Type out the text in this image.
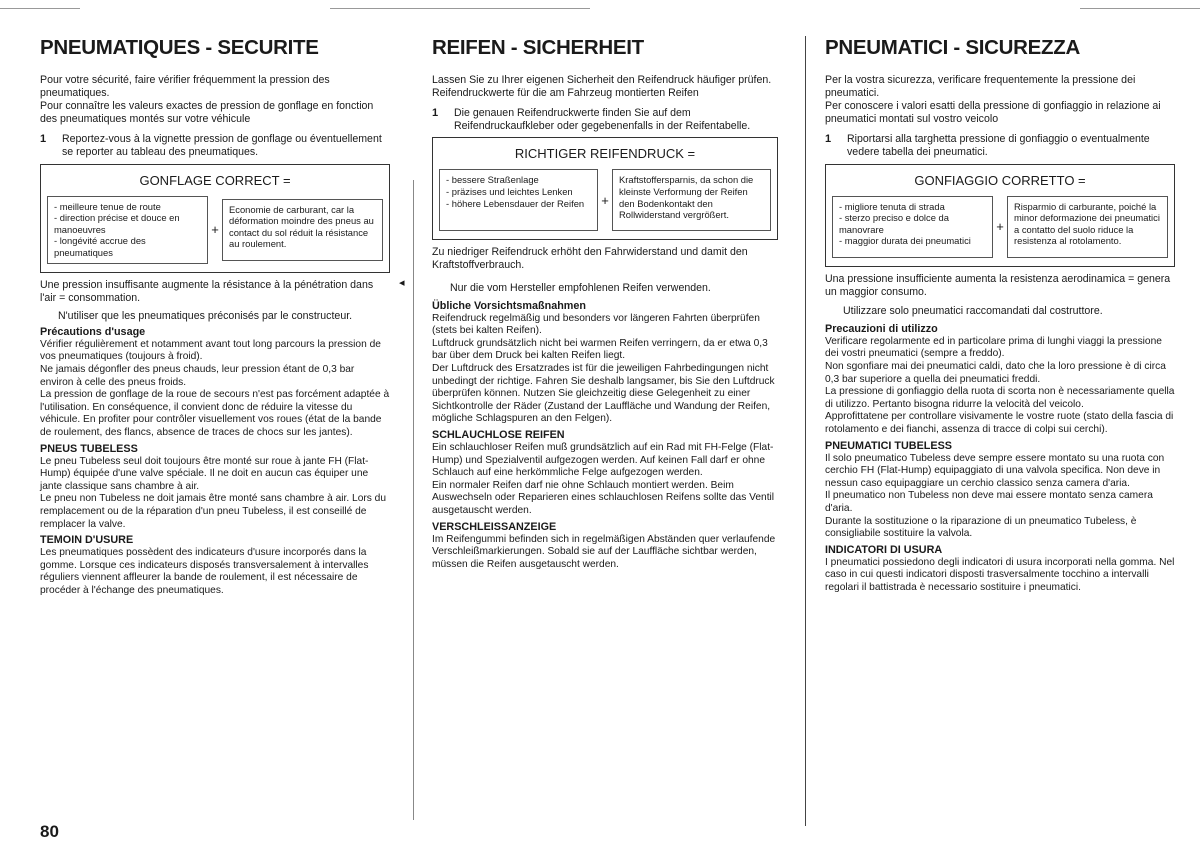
◂
PNEUMATIQUES - SECURITE

Pour votre sécurité, faire vérifier fréquemment la pression des pneumatiques.

Pour connaître les valeurs exactes de pression de gonflage en fonction des pneumatiques montés sur votre véhicule

1	Reportez-vous à la vignette pression de gonflage ou éventuellement se reporter au tableau des pneumatiques.
GONFLAGE CORRECT =
- meilleure tenue de route
- direction précise et douce en manoeuvres
- longévité accrue des pneumatiques
+
Economie de carburant, car la déformation moindre des pneus au contact du sol réduit la résistance au roulement.

Une pression insuffisante augmente la résistance à la pénétration dans l'air = consommation.

N'utiliser que les pneumatiques préconisés par le constructeur.

Précautions d'usage

Vérifier régulièrement et notamment avant tout long parcours la pression de vos pneumatiques (toujours à froid).

Ne jamais dégonfler des pneus chauds, leur pression étant de 0,3 bar environ à celle des pneus froids.

La pression de gonflage de la roue de secours n'est pas forcément adaptée à l'utilisation. En conséquence, il convient donc de réduire la vitesse du véhicule. En profiter pour contrôler visuellement vos roues (état de la bande de roulement, des flancs, absence de traces de chocs sur les jantes).

PNEUS TUBELESS

Le pneu Tubeless seul doit toujours être monté sur roue à jante FH (Flat-Hump) équipée d'une valve spéciale. Il ne doit en aucun cas équiper une jante classique sans chambre à air.

Le pneu non Tubeless ne doit jamais être monté sans chambre à air. Lors du remplacement ou de la réparation d'un pneu Tubeless, il est conseillé de remplacer la valve.

TEMOIN D'USURE

Les pneumatiques possèdent des indicateurs d'usure incorporés dans la gomme. Lorsque ces indicateurs disposés transversalement à intervalles réguliers viennent affleurer la bande de roulement, il est nécessaire de procéder à l'échange des pneumatiques.

REIFEN - SICHERHEIT

Lassen Sie zu Ihrer eigenen Sicherheit den Reifendruck häufiger prüfen.

Reifendruckwerte für die am Fahrzeug montierten Reifen

1	Die genauen Reifendruckwerte finden Sie auf dem Reifendruckaufkleber oder gegebenenfalls in der Reifentabelle.
RICHTIGER REIFENDRUCK =
- bessere Straßenlage
- präzises und leichtes Lenken
- höhere Lebensdauer der Reifen	+
Kraftstoffersparnis, da schon die kleinste Verformung der Reifen den Bodenkontakt den Rollwiderstand vergrößert.

Zu niedriger Reifendruck erhöht den Fahrwiderstand und damit den Kraftstoffverbrauch.

Nur die vom Hersteller empfohlenen Reifen verwenden.

Übliche Vorsichtsmaßnahmen

Reifendruck regelmäßig und besonders vor längeren Fahrten überprüfen (stets bei kalten Reifen).

Luftdruck grundsätzlich nicht bei warmen Reifen verringern, da er etwa 0,3 bar über dem Druck bei kalten Reifen liegt.

Der Luftdruck des Ersatzrades ist für die jeweiligen Fahrbedingungen nicht unbedingt der richtige. Fahren Sie deshalb langsamer, bis Sie den Luftdruck überprüfen können. Nutzen Sie gleichzeitig diese Gelegenheit zu einer Sichtkontrolle der Räder (Zustand der Lauffläche und Wandung der Reifen, mögliche Schlagspuren an den Felgen).

SCHLAUCHLOSE REIFEN

Ein schlauchloser Reifen muß grundsätzlich auf ein Rad mit FH-Felge (Flat-Hump) und Spezialventil aufgezogen werden. Auf keinen Fall darf er ohne Schlauch auf eine herkömmliche Felge aufgezogen werden.

Ein normaler Reifen darf nie ohne Schlauch montiert werden. Beim Auswechseln oder Reparieren eines schlauchlosen Reifens sollte das Ventil ausgetauscht werden.

VERSCHLEISSANZEIGE

Im Reifengummi befinden sich in regelmäßigen Abständen quer verlaufende Verschleißmarkierungen. Sobald sie auf der Lauffläche sichtbar werden, müssen die Reifen ausgetauscht werden.

PNEUMATICI - SICUREZZA

Per la vostra sicurezza, verificare frequentemente la pressione dei pneumatici.

Per conoscere i valori esatti della pressione di gonfiaggio in relazione ai pneumatici montati sul vostro veicolo

1	Riportarsi alla targhetta pressione di gonfiaggio o eventualmente vedere tabella dei pneumatici.
GONFIAGGIO CORRETTO =
- migliore tenuta di strada
- sterzo preciso e dolce da manovrare
- maggior durata dei pneumatici
+
Risparmio di carburante, poiché la minor deformazione dei pneumatici a contatto del suolo riduce la resistenza al rotolamento.

Una pressione insufficiente aumenta la resistenza aerodinamica = genera un maggior consumo.

Utilizzare solo pneumatici raccomandati dal costruttore.

Precauzioni di utilizzo

Verificare regolarmente ed in particolare prima di lunghi viaggi la pressione dei vostri pneumatici (sempre a freddo).

Non sgonfiare mai dei pneumatici caldi, dato che la loro pressione è di circa 0,3 bar superiore a quella dei pneumatici freddi.

La pressione di gonfiaggio della ruota di scorta non è necessariamente quella di utilizzo. Pertanto bisogna ridurre la velocità del veicolo.

Approfittatene per controllare visivamente le vostre ruote (stato della fascia di rotolamento e dei fianchi, assenza di tracce di colpi sui cerchi).

PNEUMATICI TUBELESS

Il solo pneumatico Tubeless deve sempre essere montato su una ruota con cerchio FH (Flat-Hump) equipaggiato di una valvola specifica. Non deve in nessun caso equipaggiare un cerchio classico senza camera d'aria.

Il pneumatico non Tubeless non deve mai essere montato senza camera d'aria.

Durante la sostituzione o la riparazione di un pneumatico Tubeless, è consigliabile sostituire la valvola.

INDICATORI DI USURA

I pneumatici possiedono degli indicatori di usura incorporati nella gomma. Nel caso in cui questi indicatori disposti trasversalmente tocchino a intervalli regolari il battistrada è necessario sostituire i pneumatici.

80
